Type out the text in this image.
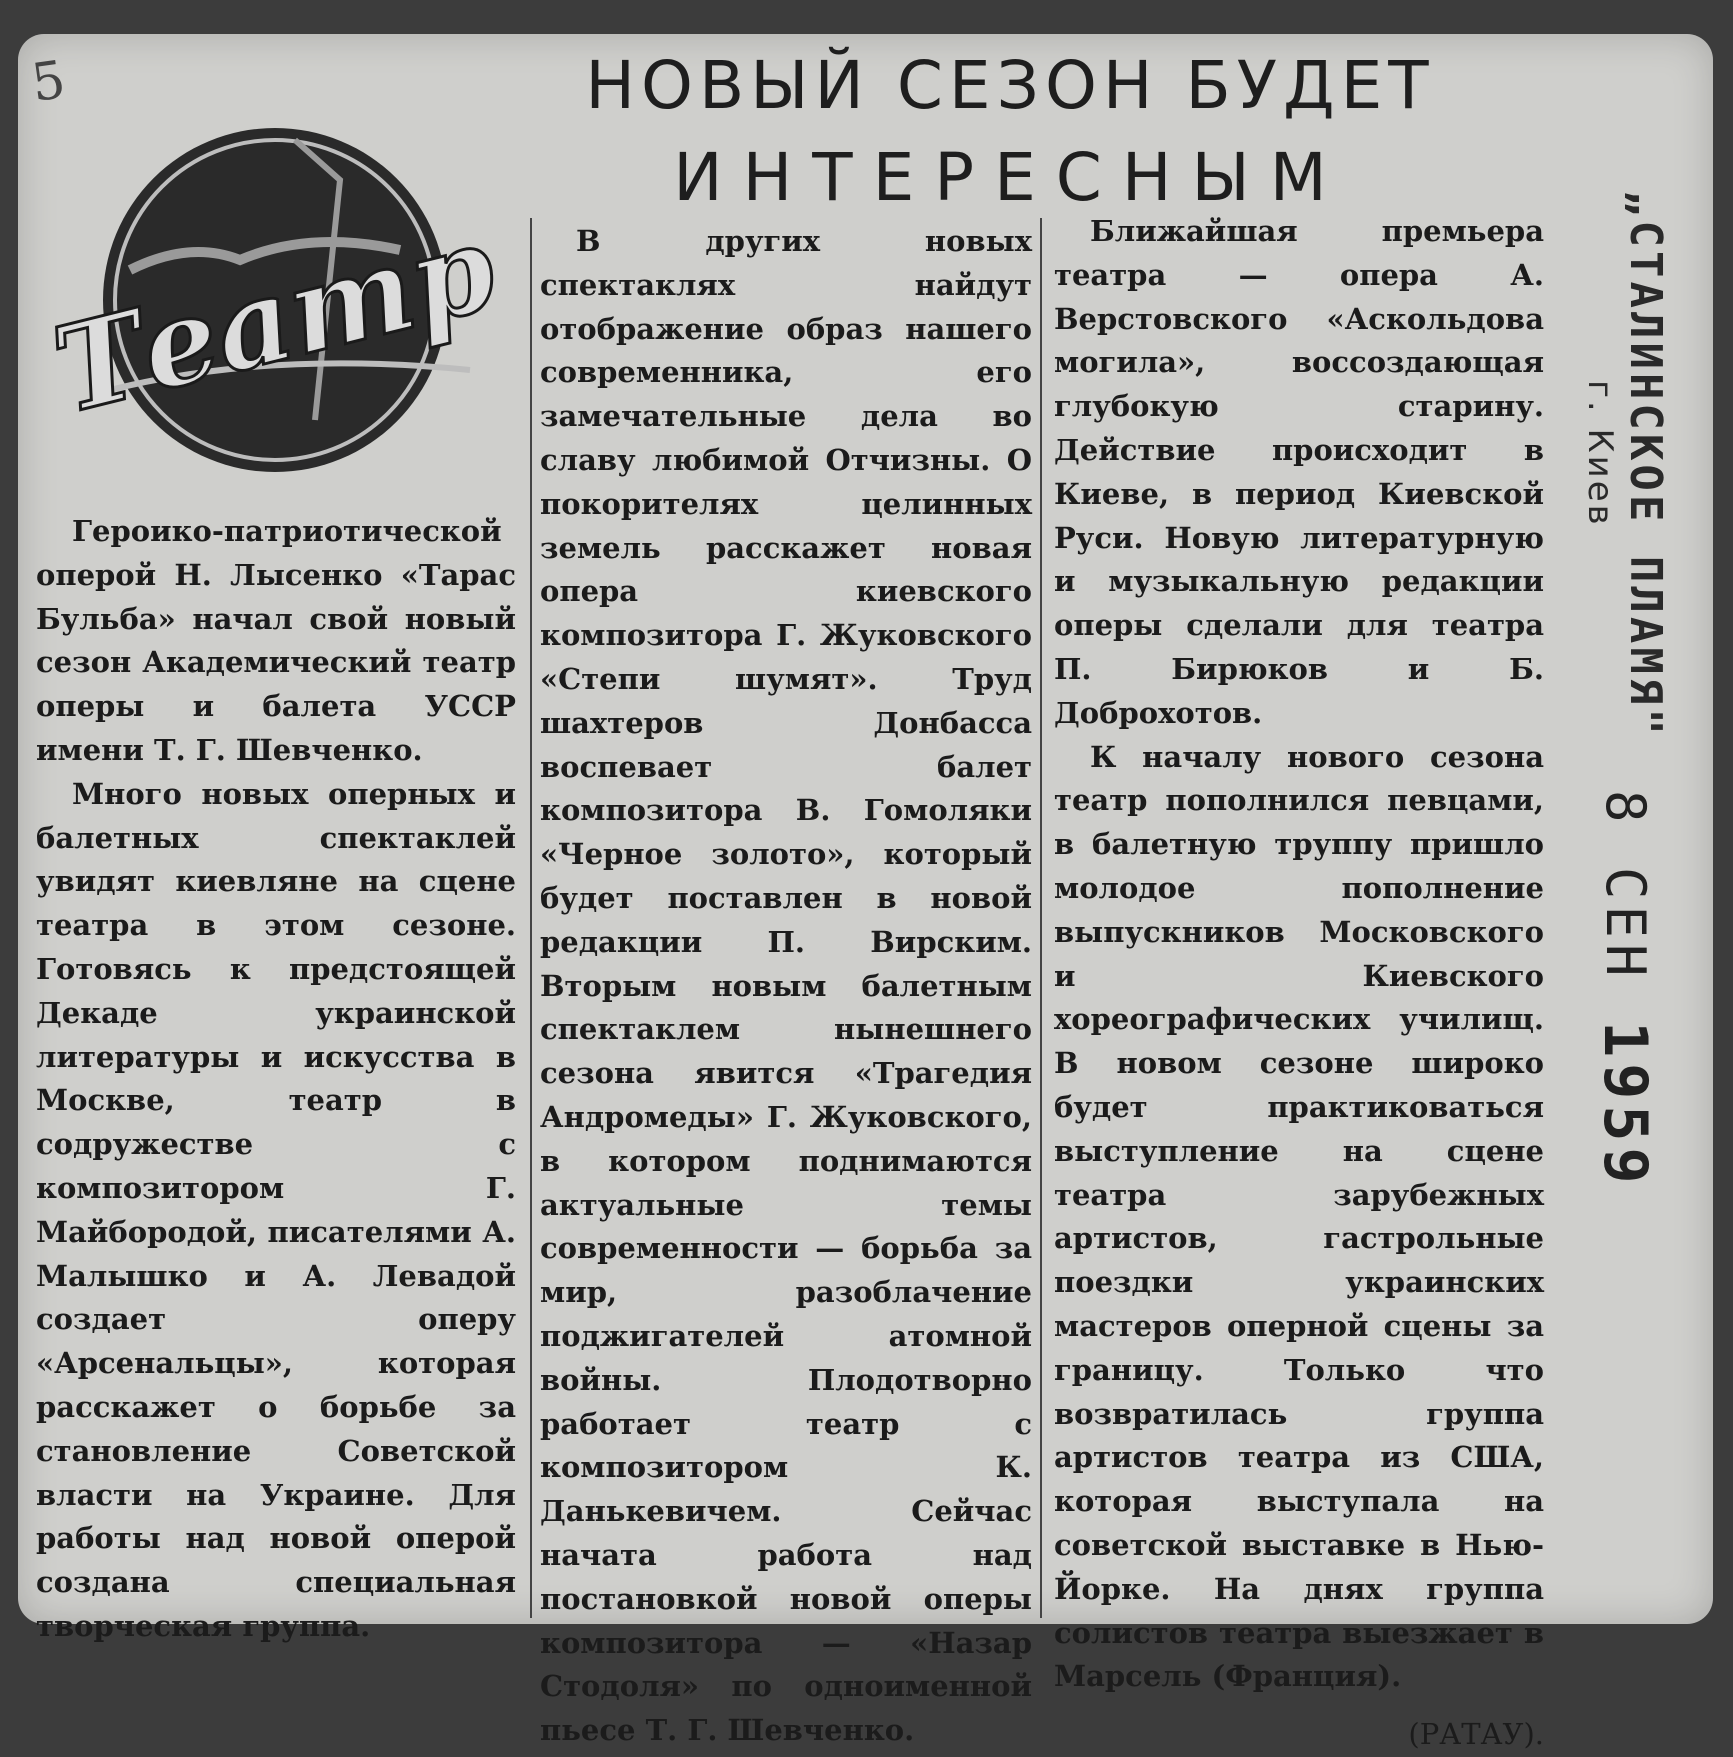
5	НОВЫЙ СЕЗОН БУДЕТ
ИНТЕРЕСНЫМ
Театр

Героико-патриотической оперой Н. Лысенко «Тарас Бульба» начал свой новый сезон Академический театр оперы и балета УССР имени Т. Г. Шевченко.

Много новых оперных и балетных спектаклей увидят киевляне на сцене театра в этом сезоне. Готовясь к предстоящей Декаде украинской литературы и искусства в Москве, театр в содружестве с композитором Г. Майбородой, писателями А. Малышко и А. Левадой создает оперу «Арсенальцы», которая расскажет о борьбе за становление Советской власти на Украине. Для работы над новой оперой создана специальная творческая группа.

В других новых спектаклях найдут отображение образ нашего современника, его замечательные дела во славу любимой Отчизны. О покорителях целинных земель расскажет новая опера киевского композитора Г. Жуковского «Степи шумят». Труд шахтеров Донбасса воспевает балет композитора В. Гомоляки «Черное золото», который будет поставлен в новой редакции П. Вирским. Вторым новым балетным спектаклем нынешнего сезона явится «Трагедия Андромеды» Г. Жуковского, в котором поднимаются актуальные темы современности — борьба за мир, разоблачение поджигателей атомной войны. Плодотворно работает театр с композитором К. Данькевичем. Сейчас начата работа над постановкой новой оперы композитора — «Назар Стодоля» по одноименной пьесе Т. Г. Шевченко.

Ближайшая премьера театра — опера А. Верстовского «Аскольдова могила», воссоздающая глубокую старину. Действие происходит в Киеве, в период Киевской Руси. Новую литературную и музыкальную редакции оперы сделали для театра П. Бирюков и Б. Доброхотов.

К началу нового сезона театр пополнился певцами, в балетную труппу пришло молодое пополнение выпускников Московского и Киевского хореографических училищ. В новом сезоне широко будет практиковаться выступление на сцене театра зарубежных артистов, гастрольные поездки украинских мастеров оперной сцены за границу. Только что возвратилась группа артистов театра из США, которая выступала на советской выставке в Нью-Йорке. На днях группа солистов театра выезжает в Марсель (Франция).

(РАТАУ).
„СТАЛИНСКОЕ ПЛАМЯ"
г. Киев
8 СЕН 1959
